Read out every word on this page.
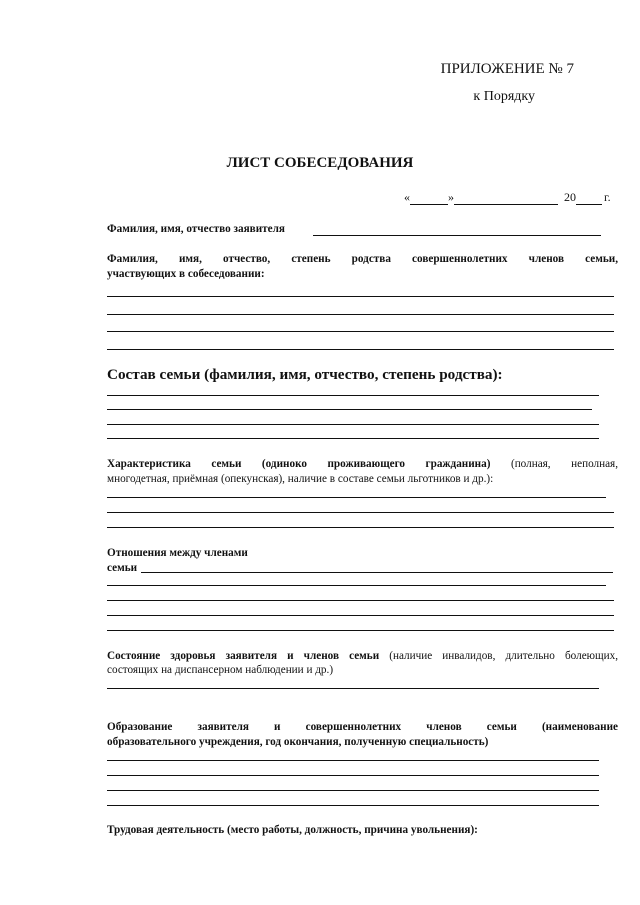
ПРИЛОЖЕНИЕ № 7
к Порядку
ЛИСТ СОБЕСЕДОВАНИЯ
«	»	20 г.
Фамилия, имя, отчество заявителя
Фамилия, имя, отчество, степень родства совершеннолетних членов семьи,
участвующих в собеседовании:
Состав семьи (фамилия, имя, отчество, степень родства):
Характеристика семьи (одиноко проживающего гражданина) (полная, неполная,
многодетная, приёмная (опекунская), наличие в составе семьи льготников и др.):
Отношения между членами
семьи
Состояние здоровья заявителя и членов семьи (наличие инвалидов, длительно болеющих,
состоящих на диспансерном наблюдении и др.)
Образование заявителя и совершеннолетних членов семьи (наименование
образовательного учреждения, год окончания, полученную специальность)
Трудовая деятельность (место работы, должность, причина увольнения):
